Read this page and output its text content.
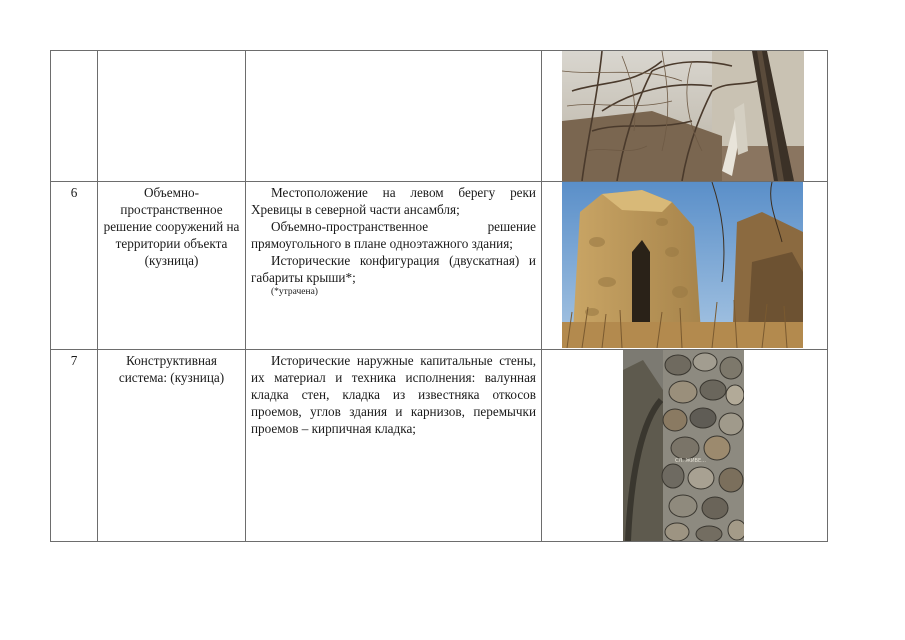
6	Объемно-пространственное решение сооружений на территории объекта (кузница)	Местоположение на левом берегу реки Хревицы в северной части ансамбля;

Объемно-пространственное решение прямоугольного в плане одноэтажного здания;

Исторические конфигурация (двускатная) и габариты крыши*;

(*утрачена)

7	Конструктивная система: (кузница)	Исторические наружные капитальные стены, их материал и техника исполнения: валунная кладка стен, кладка из известняка откосов проемов, углов здания и карнизов, перемычки проемов – кирпичная кладка;	СЛ. ЖИВЕ...
